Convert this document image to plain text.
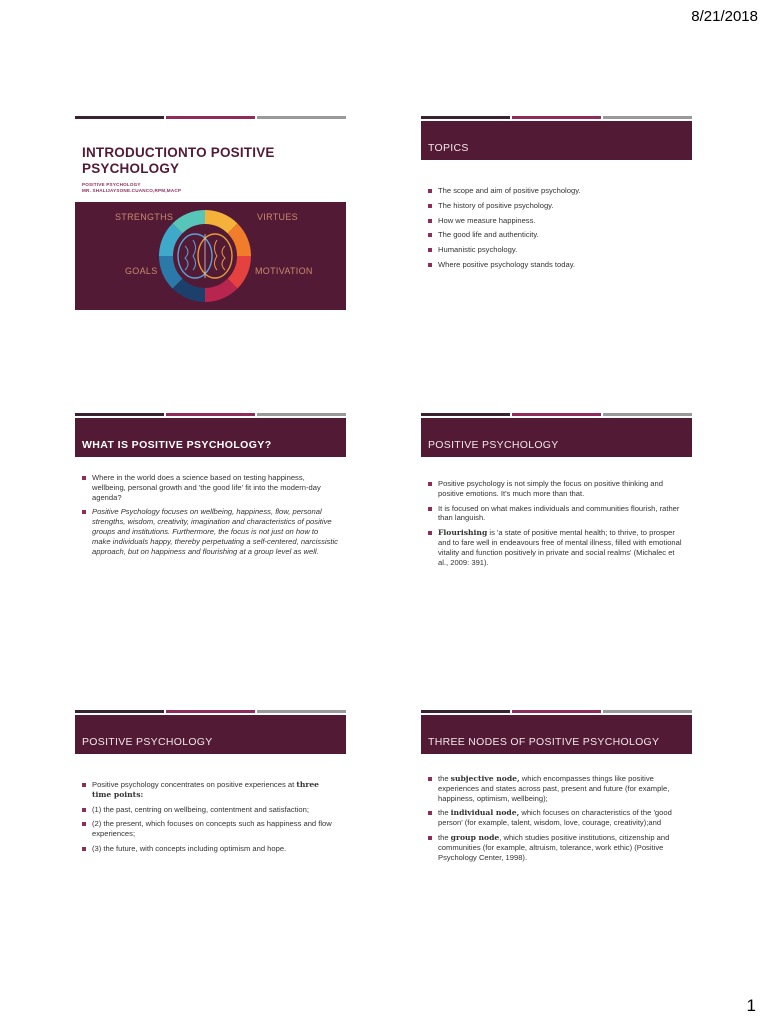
8/21/2018
INTRODUCTIONTO POSITIVE
PSYCHOLOGY
POSITIVE PSYCHOLOGY
MR. SHALIJAYSONE.CUANCO,RPM,MACP
STRENGTHS	VIRTUES
GOALS	MOTIVATION
TOPICS
The scope and aim of positive psychology.
The history of positive psychology.
How we measure happiness.
The good life and authenticity.
Humanistic psychology.
Where positive psychology stands today.
WHAT IS POSITIVE PSYCHOLOGY?
Where in the world does a science based on testing happiness, wellbeing, personal growth and 'the good life' fit into the modern-day agenda?
Positive Psychology focuses on wellbeing, happiness, flow, personal strengths, wisdom, creativity, imagination and characteristics of positive groups and institutions. Furthermore, the focus is not just on how to make individuals happy, thereby perpetuating a self-centered, narcissistic approach, but on happiness and flourishing at a group level as well.
POSITIVE PSYCHOLOGY
Positive psychology is not simply the focus on positive thinking and positive emotions. It's much more than that.
It is focused on what makes individuals and communities flourish, rather than languish.
Flourishing is 'a state of positive mental health; to thrive, to prosper and to fare well in endeavours free of mental illness, filled with emotional vitality and function positively in private and social realms' (Michalec et al., 2009: 391).
POSITIVE PSYCHOLOGY
Positive psychology concentrates on positive experiences at three time points:
(1) the past, centring on wellbeing, contentment and satisfaction;
(2) the present, which focuses on concepts such as happiness and flow experiences;
(3) the future, with concepts including optimism and hope.
THREE NODES OF POSITIVE PSYCHOLOGY
the subjective node, which encompasses things like positive experiences and states across past, present and future (for example, happiness, optimism, wellbeing);
the individual node, which focuses on characteristics of the 'good person' (for example, talent, wisdom, love, courage, creativity);and
the group node, which studies positive institutions, citizenship and communities (for example, altruism, tolerance, work ethic) (Positive Psychology Center, 1998).
1
